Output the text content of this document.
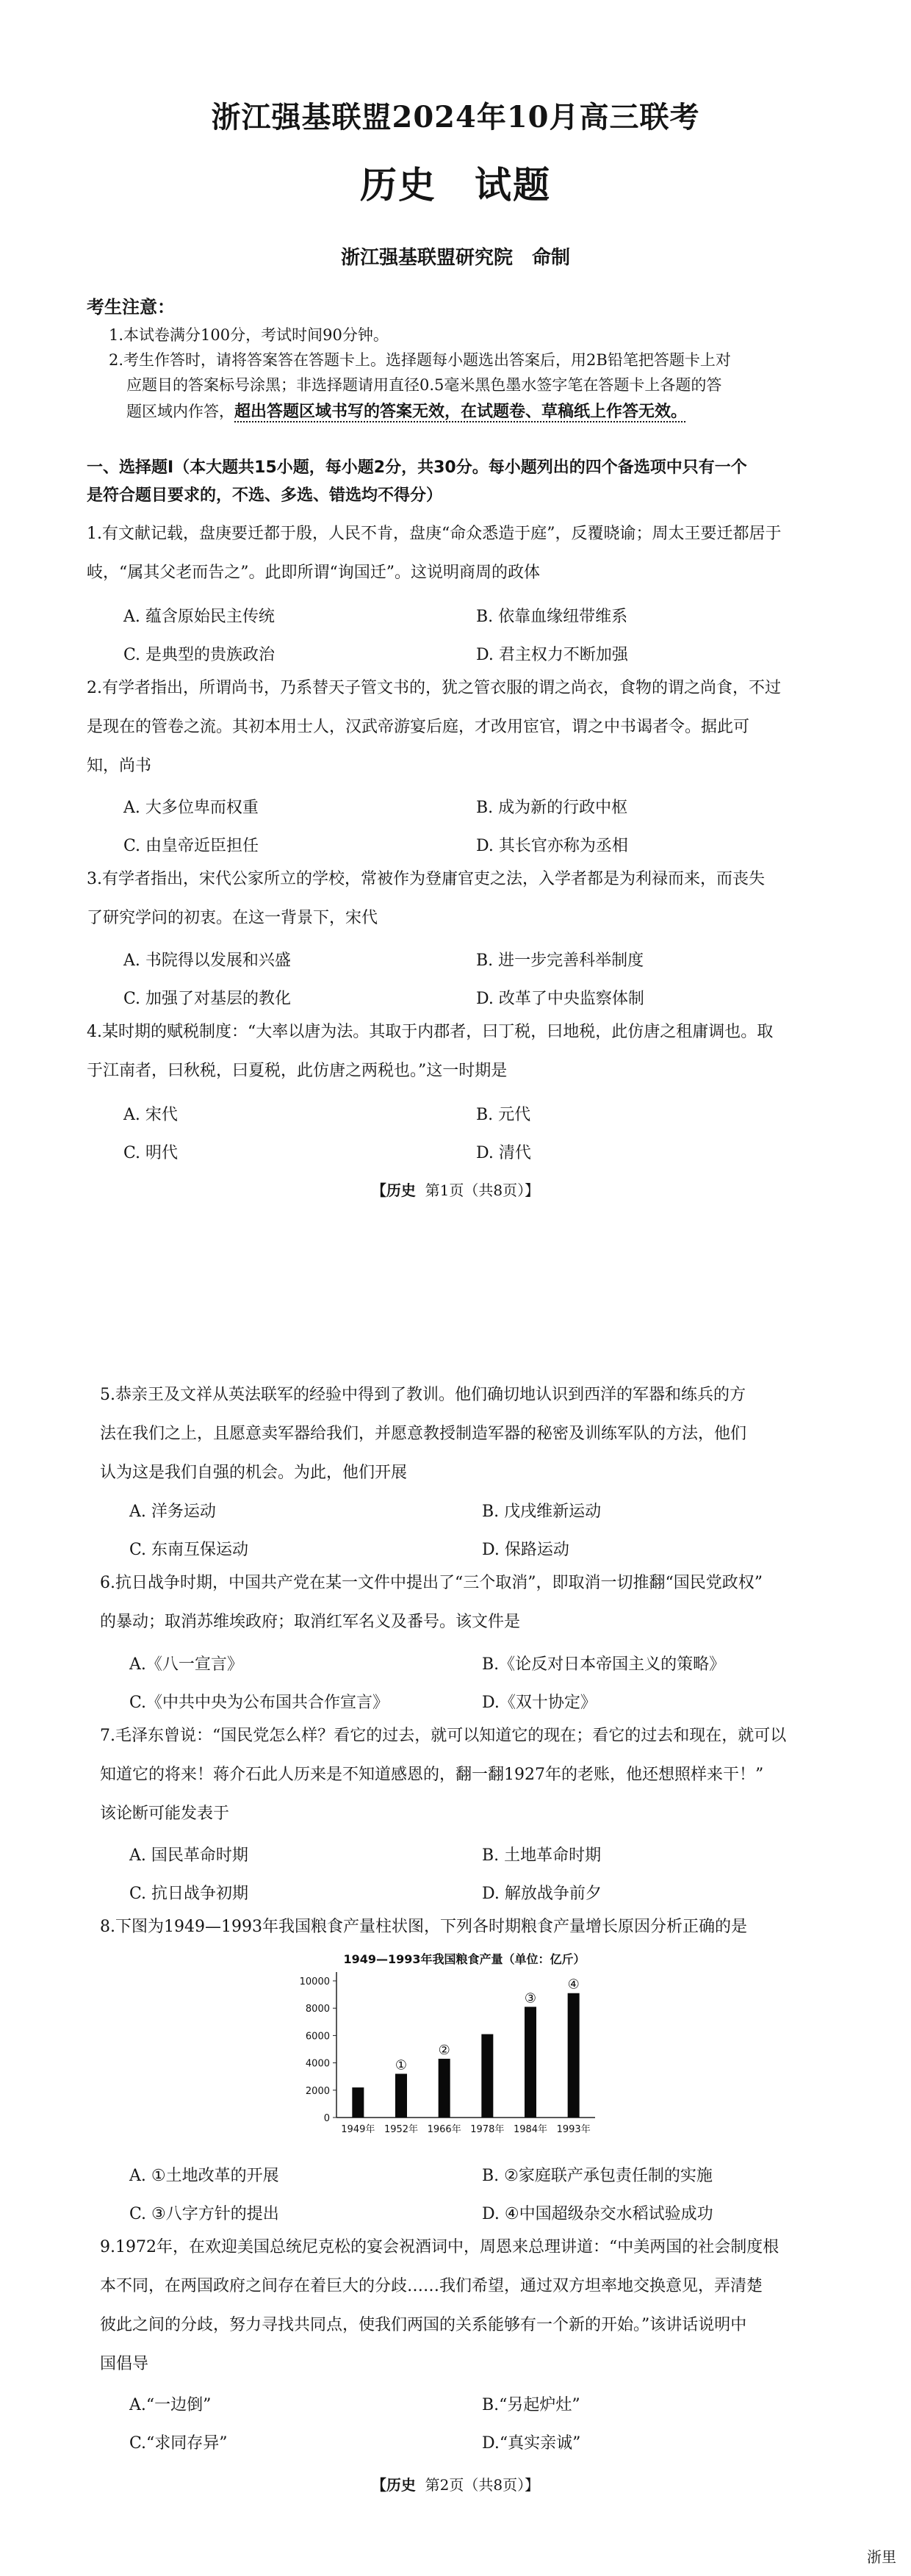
浙江强基联盟2024年10月高三联考
历史　试题
浙江强基联盟研究院　命制
考生注意：
1.本试卷满分100分，考试时间90分钟。
2.考生作答时，请将答案答在答题卡上。选择题每小题选出答案后，用2B铅笔把答题卡上对
应题目的答案标号涂黑；非选择题请用直径0.5毫米黑色墨水签字笔在答题卡上各题的答
题区域内作答，超出答题区域书写的答案无效，在试题卷、草稿纸上作答无效。
一、选择题Ⅰ（本大题共15小题，每小题2分，共30分。每小题列出的四个备选项中只有一个
是符合题目要求的，不选、多选、错选均不得分）
1.有文献记载，盘庚要迁都于殷，人民不肯，盘庚“命众悉造于庭”，反覆晓谕；周太王要迁都居于
岐，“属其父老而告之”。此即所谓“询国迁”。这说明商周的政体
A. 蕴含原始民主传统	B. 依靠血缘纽带维系
C. 是典型的贵族政治	D. 君主权力不断加强
2.有学者指出，所谓尚书，乃系替天子管文书的，犹之管衣服的谓之尚衣，食物的谓之尚食，不过
是现在的管卷之流。其初本用士人，汉武帝游宴后庭，才改用宦官，谓之中书谒者令。据此可
知，尚书
A. 大多位卑而权重	B. 成为新的行政中枢
C. 由皇帝近臣担任	D. 其长官亦称为丞相
3.有学者指出，宋代公家所立的学校，常被作为登庸官吏之法，入学者都是为利禄而来，而丧失
了研究学问的初衷。在这一背景下，宋代
A. 书院得以发展和兴盛	B. 进一步完善科举制度
C. 加强了对基层的教化	D. 改革了中央监察体制
4.某时期的赋税制度：“大率以唐为法。其取于内郡者，曰丁税，曰地税，此仿唐之租庸调也。取
于江南者，曰秋税，曰夏税，此仿唐之两税也。”这一时期是
A. 宋代	B. 元代
C. 明代	D. 清代
【历史 第1页（共8页）】
5.恭亲王及文祥从英法联军的经验中得到了教训。他们确切地认识到西洋的军器和练兵的方
法在我们之上，且愿意卖军器给我们，并愿意教授制造军器的秘密及训练军队的方法，他们
认为这是我们自强的机会。为此，他们开展
A. 洋务运动	B. 戊戌维新运动
C. 东南互保运动	D. 保路运动
6.抗日战争时期，中国共产党在某一文件中提出了“三个取消”，即取消一切推翻“国民党政权”
的暴动；取消苏维埃政府；取消红军名义及番号。该文件是
A.《八一宣言》	B.《论反对日本帝国主义的策略》
C.《中共中央为公布国共合作宣言》	D.《双十协定》
7.毛泽东曾说：“国民党怎么样？看它的过去，就可以知道它的现在；看它的过去和现在，就可以
知道它的将来！蒋介石此人历来是不知道感恩的，翻一翻1927年的老账，他还想照样来干！”
该论断可能发表于
A. 国民革命时期	B. 土地革命时期
C. 抗日战争初期	D. 解放战争前夕
8.下图为1949—1993年我国粮食产量柱状图，下列各时期粮食产量增长原因分析正确的是
1949—1993年我国粮食产量（单位：亿斤）
0
2000
4000
6000
8000
10000
1949年 1952年
①
1966年
②
1978年 1984年
③
1993年
④
A. ①土地改革的开展	B. ②家庭联产承包责任制的实施
C. ③八字方针的提出	D. ④中国超级杂交水稻试验成功
9.1972年，在欢迎美国总统尼克松的宴会祝酒词中，周恩来总理讲道：“中美两国的社会制度根
本不同，在两国政府之间存在着巨大的分歧……我们希望，通过双方坦率地交换意见，弄清楚
彼此之间的分歧，努力寻找共同点，使我们两国的关系能够有一个新的开始。”该讲话说明中
国倡导
A.“一边倒”	B.“另起炉灶”
C.“求同存异”	D.“真实亲诚”
【历史 第2页（共8页）】
浙里
